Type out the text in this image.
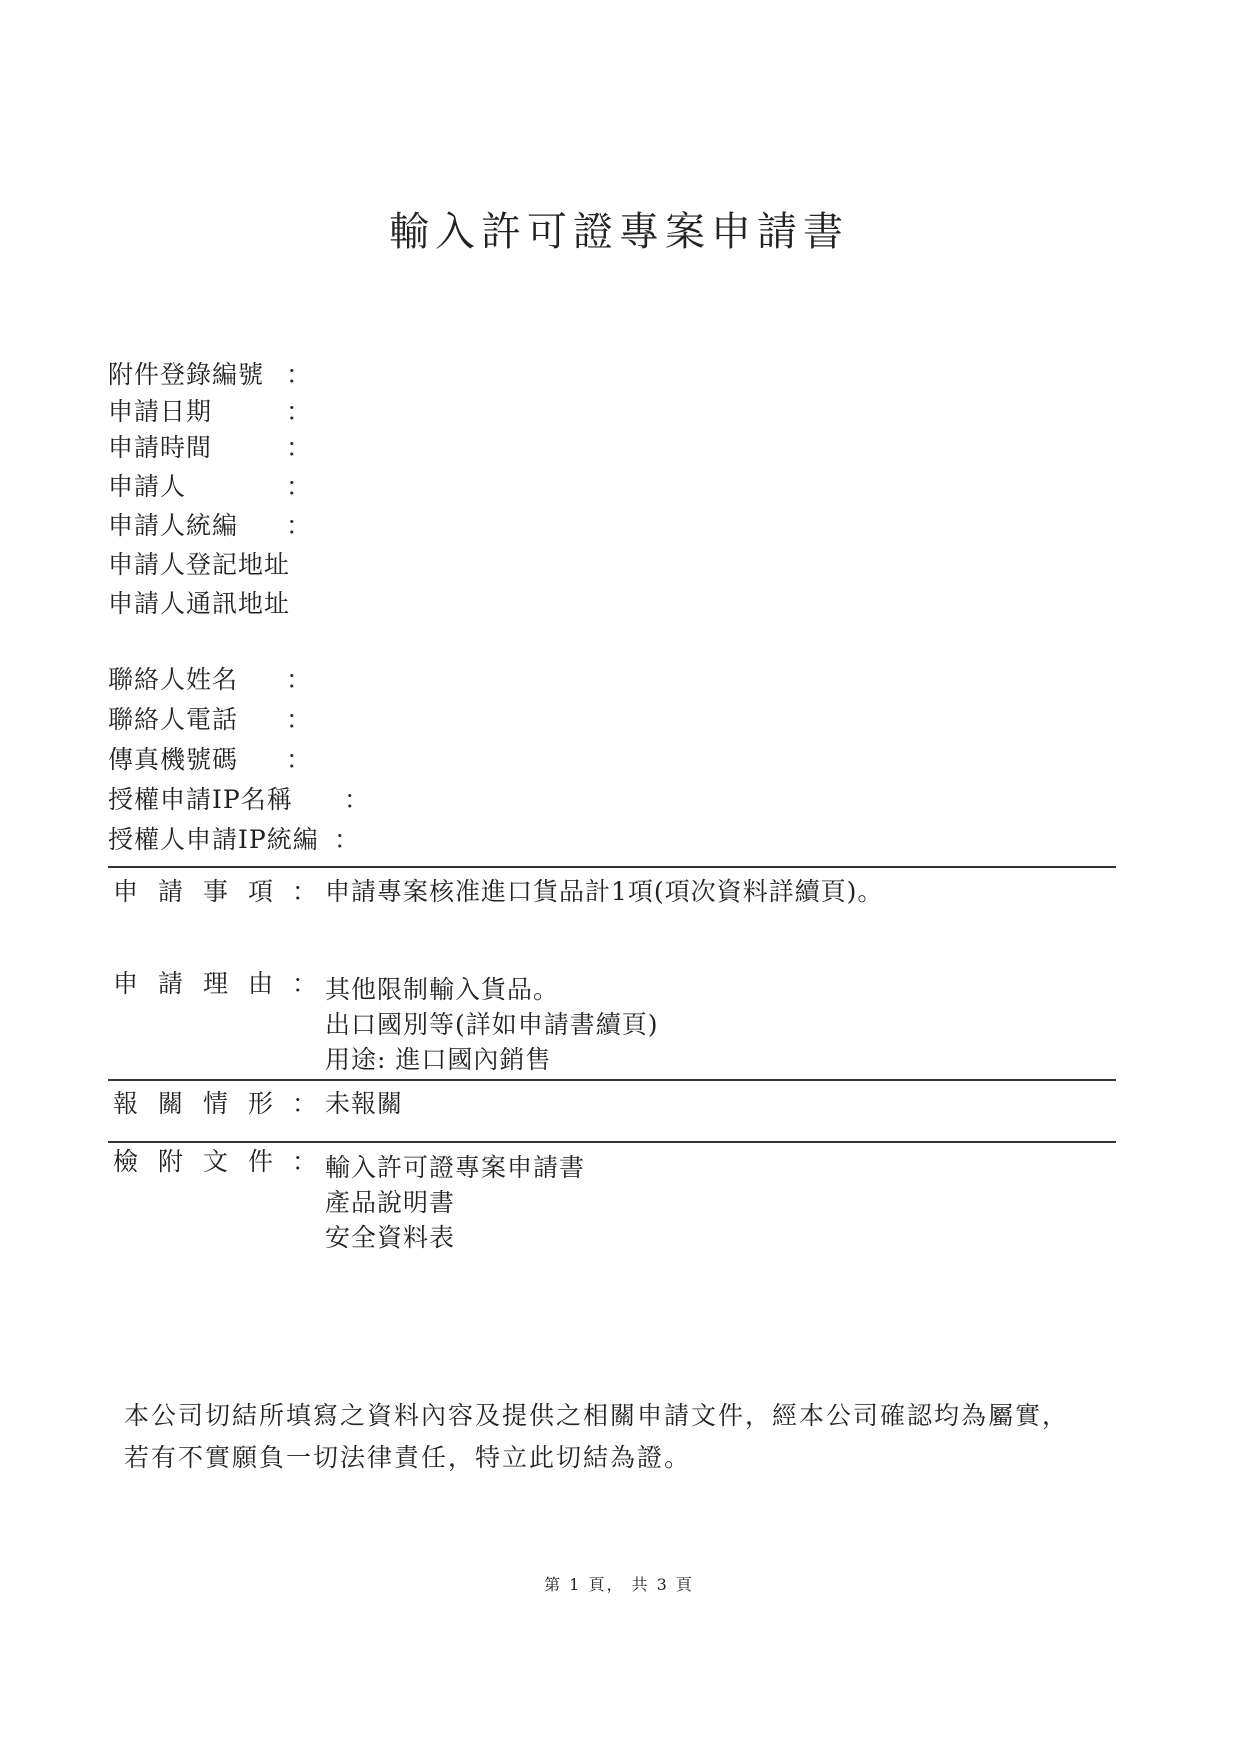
輸入許可證專案申請書
附件登錄編號 ：
申請日期	：
申請時間	：
申請人	：
申請人統編 ：
申請人登記地址
申請人通訊地址
聯絡人姓名 ：
聯絡人電話 ：
傳真機號碼 ：
授權申請IP名稱 ：
授權人申請IP統編 ：
申 請 事 項 ： 申請專案核准進口貨品計1項(項次資料詳續頁)。
申 請 理 由 ： 其他限制輸入貨品。
出口國別等(詳如申請書續頁)
用途: 進口國內銷售
報 關 情 形 ： 未報關
檢 附 文 件 ： 輸入許可證專案申請書
產品說明書
安全資料表
本公司切結所填寫之資料內容及提供之相關申請文件，經本公司確認均為屬實，若有不實願負一切法律責任，特立此切結為證。
第 1 頁， 共 3 頁
